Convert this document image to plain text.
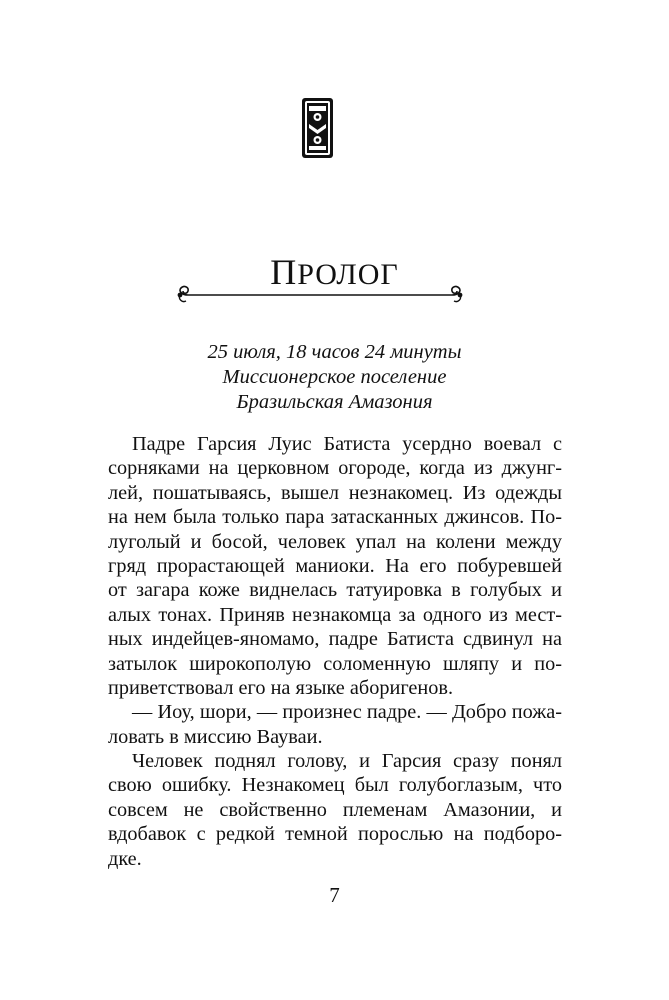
ПРОЛОГ
25 июля, 18 часов 24 минуты
Миссионерское поселение
Бразильская Амазония
Падре Гарсия Луис Батиста усердно воевал с
сорняками на церковном огороде, когда из джунг-
лей, пошатываясь, вышел незнакомец. Из одежды
на нем была только пара затасканных джинсов. По-
луголый и босой, человек упал на колени между
гряд прорастающей маниоки. На его побуревшей
от загара коже виднелась татуировка в голубых и
алых тонах. Приняв незнакомца за одного из мест-
ных индейцев-яномамо, падре Батиста сдвинул на
затылок широкополую соломенную шляпу и по-
приветствовал его на языке аборигенов.
— Иоу, шори, — произнес падре. — Добро пожа-
ловать в миссию Вауваи.
Человек поднял голову, и Гарсия сразу понял
свою ошибку. Незнакомец был голубоглазым, что
совсем не свойственно племенам Амазонии, и
вдобавок с редкой темной порослью на подборо-
дке.
7
